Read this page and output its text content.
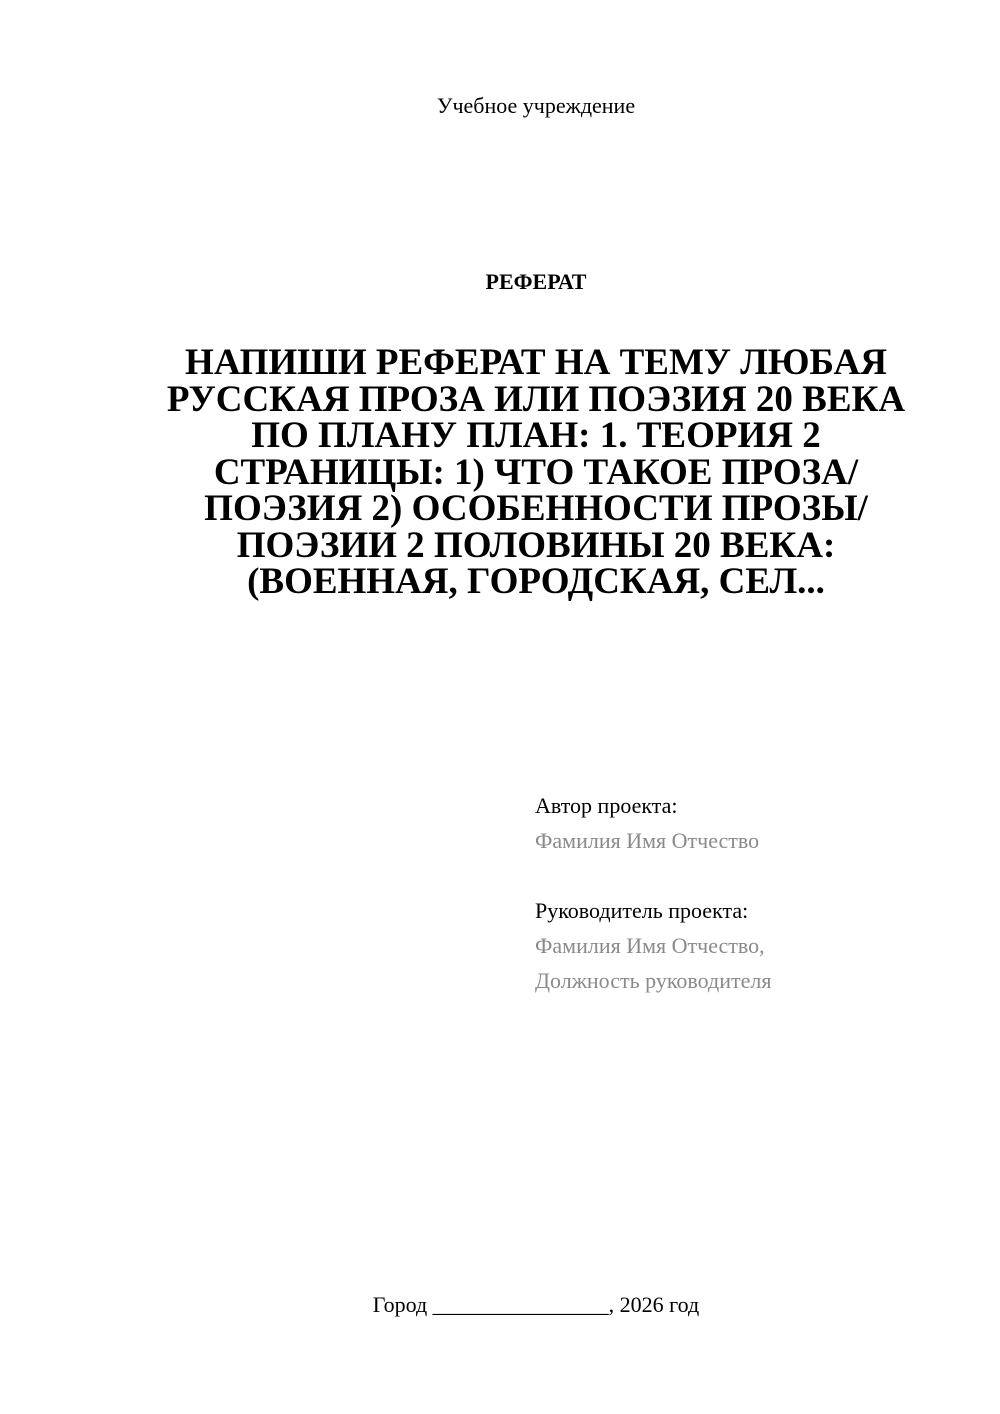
Учебное учреждение
РЕФЕРАТ
НАПИШИ РЕФЕРАТ НА ТЕМУ ЛЮБАЯ РУССКАЯ ПРОЗА ИЛИ ПОЭЗИЯ 20 ВЕКА ПО ПЛАНУ ПЛАН: 1. ТЕОРИЯ 2 СТРАНИЦЫ: 1) ЧТО ТАКОЕ ПРОЗА/ПОЭЗИЯ 2) ОСОБЕННОСТИ ПРОЗЫ/ПОЭЗИИ 2 ПОЛОВИНЫ 20 ВЕКА: (ВОЕННАЯ, ГОРОДСКАЯ, СЕЛ...
Автор проекта:
Фамилия Имя Отчество
Руководитель проекта:
Фамилия Имя Отчество,
Должность руководителя
Город ________________, 2026 год
